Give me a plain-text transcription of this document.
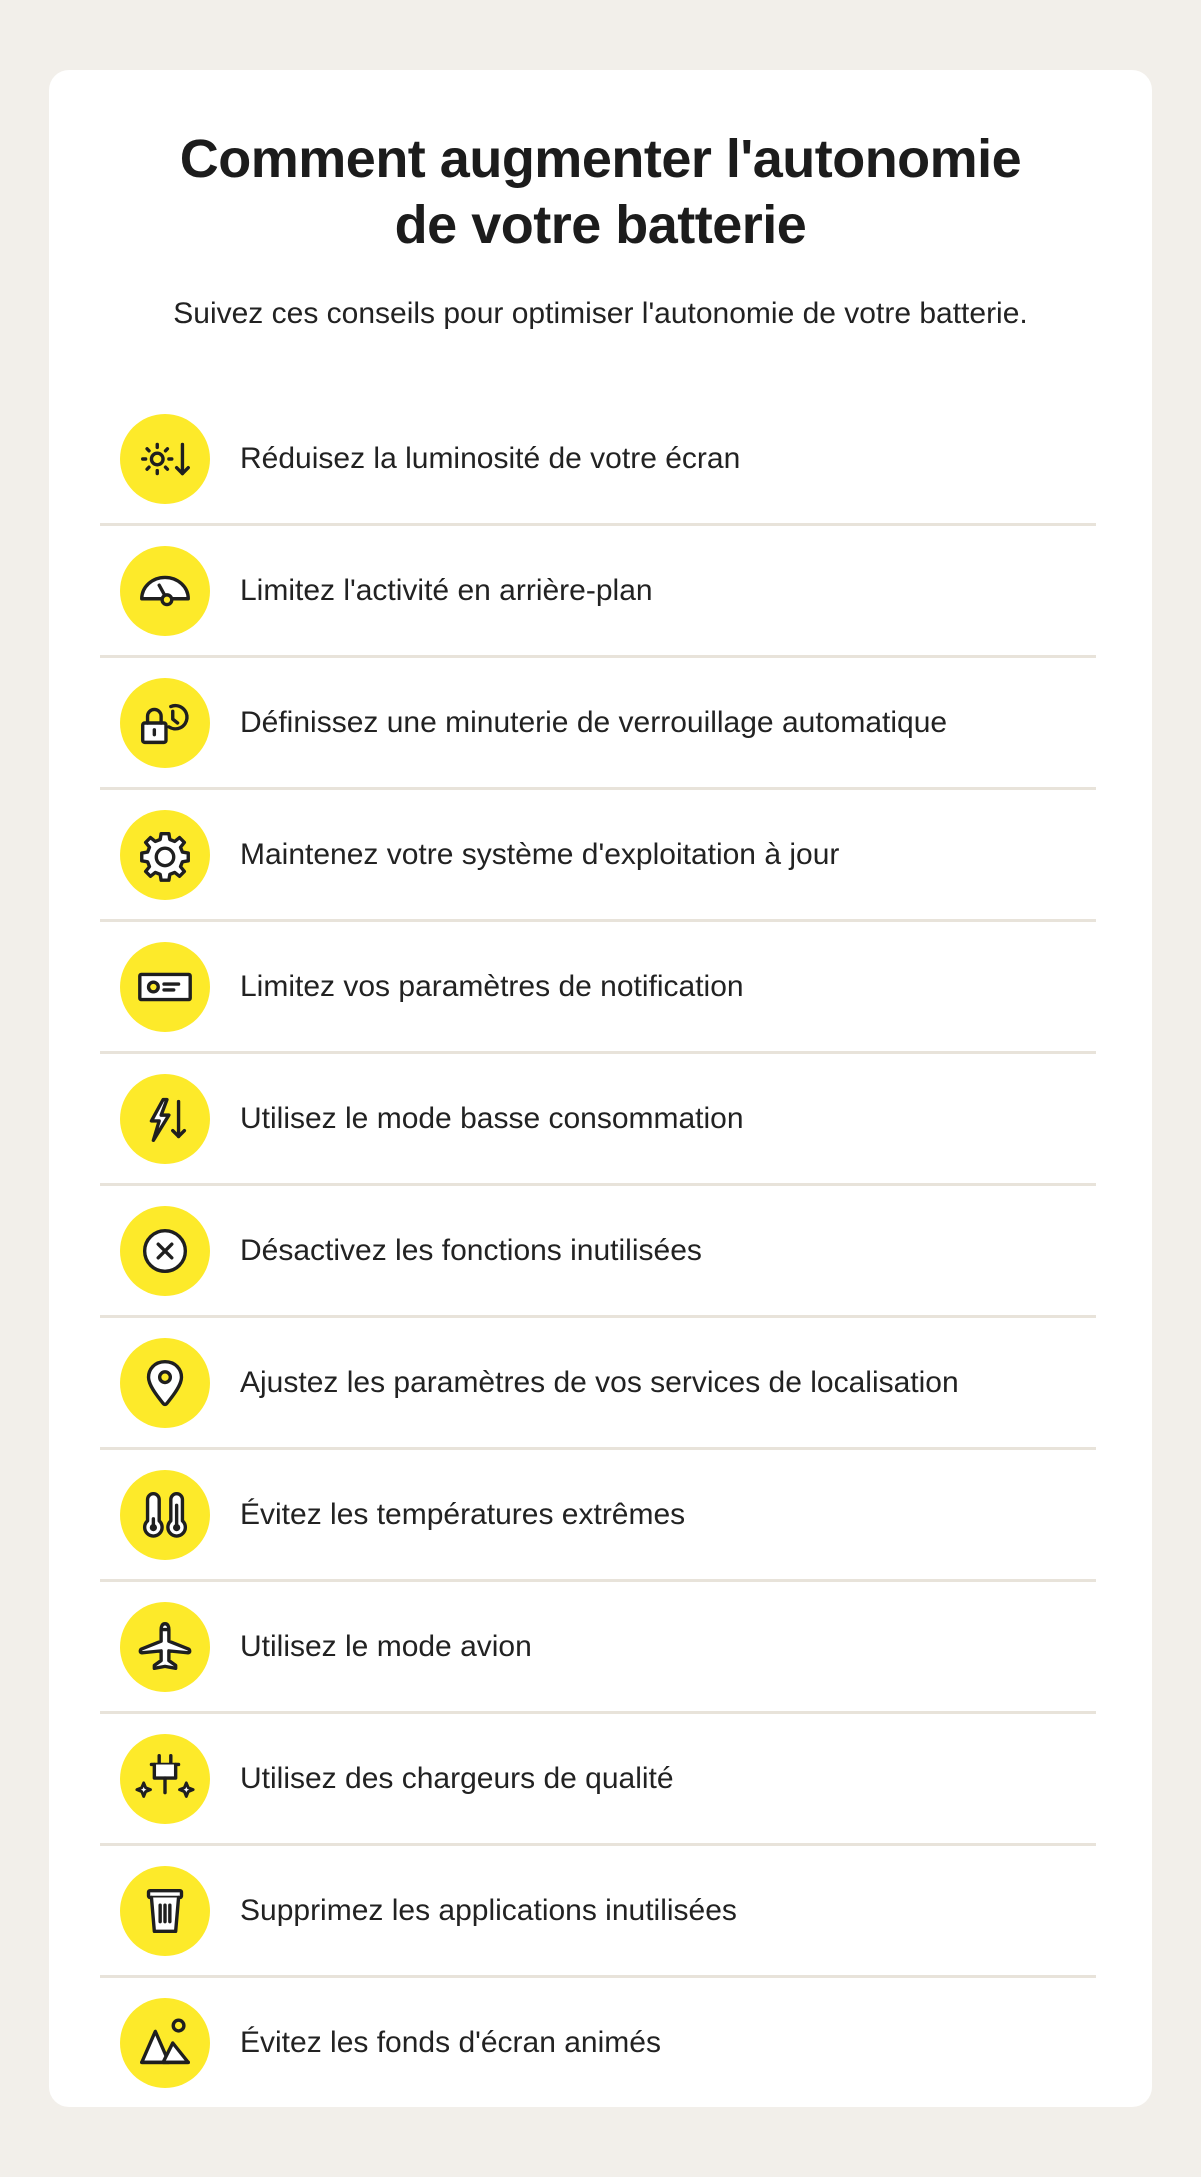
Comment augmenter l'autonomie
de votre batterie

Suivez ces conseils pour optimiser l'autonomie de votre batterie.

Réduisez la luminosité de votre écran
Limitez l'activité en arrière-plan
Définissez une minuterie de verrouillage automatique
Maintenez votre système d'exploitation à jour
Limitez vos paramètres de notification
Utilisez le mode basse consommation
Désactivez les fonctions inutilisées
Ajustez les paramètres de vos services de localisation
Évitez les températures extrêmes
Utilisez le mode avion
Utilisez des chargeurs de qualité
Supprimez les applications inutilisées
Évitez les fonds d'écran animés
